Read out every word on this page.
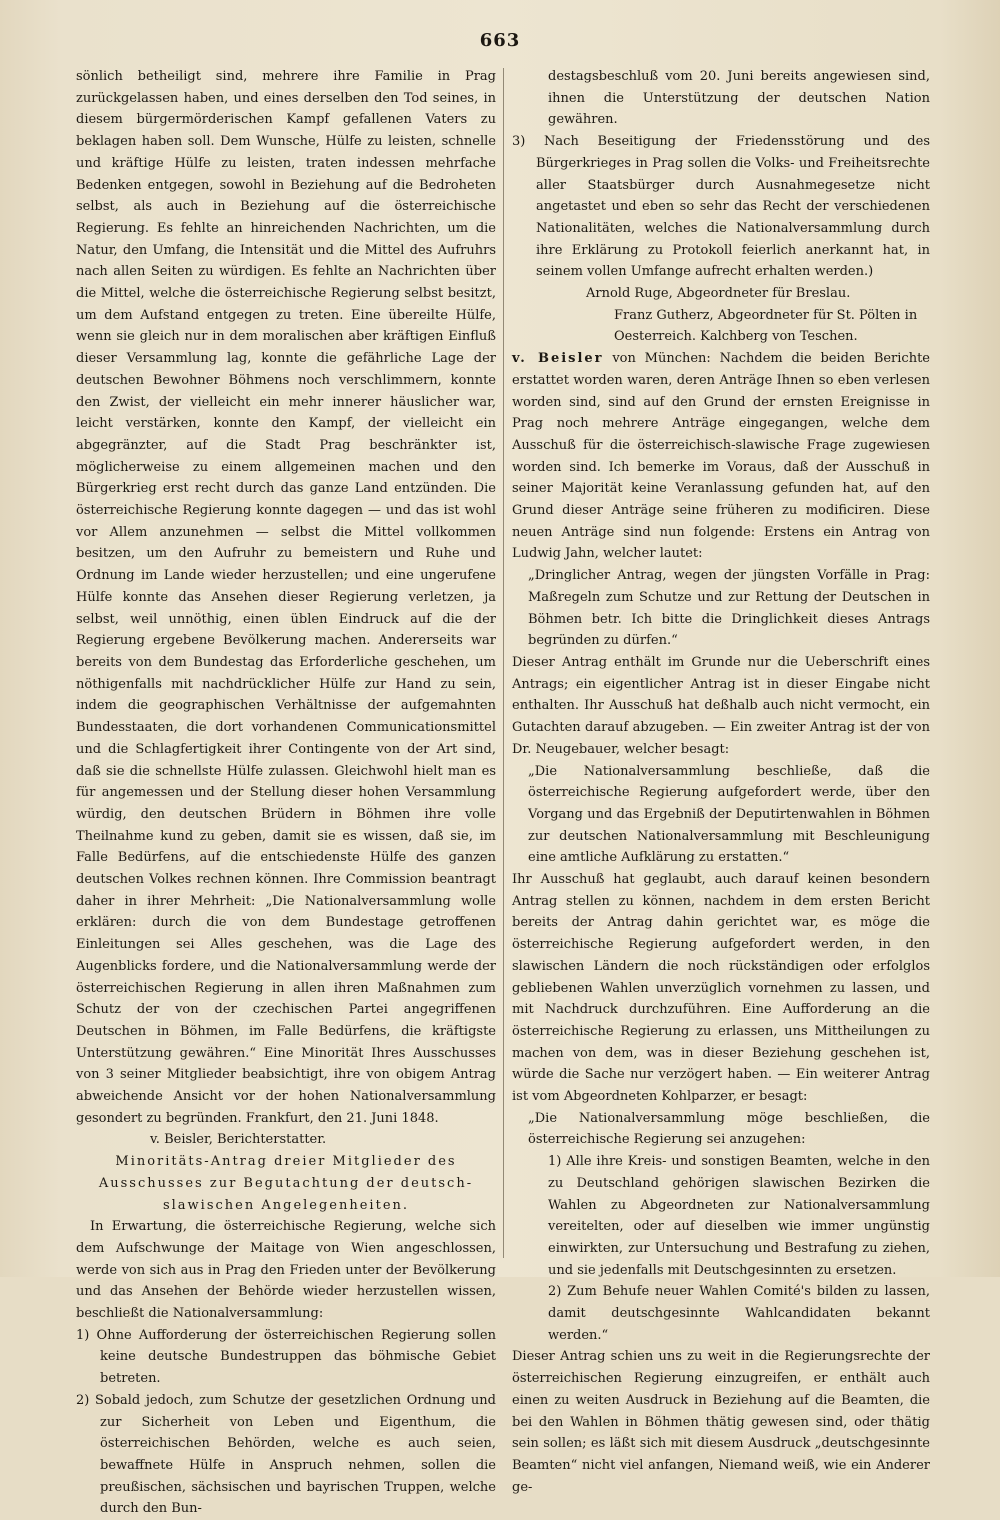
663

sönlich betheiligt sind, mehrere ihre Familie in Prag zurückgelassen haben, und eines derselben den Tod seines, in diesem bürgermörderischen Kampf gefallenen Vaters zu beklagen haben soll. Dem Wunsche, Hülfe zu leisten, schnelle und kräftige Hülfe zu leisten, traten indessen mehrfache Bedenken entgegen, sowohl in Beziehung auf die Bedroheten selbst, als auch in Beziehung auf die österreichische Regierung. Es fehlte an hinreichenden Nachrichten, um die Natur, den Umfang, die Intensität und die Mittel des Aufruhrs nach allen Seiten zu würdigen. Es fehlte an Nachrichten über die Mittel, welche die österreichische Regierung selbst besitzt, um dem Aufstand entgegen zu treten. Eine übereilte Hülfe, wenn sie gleich nur in dem moralischen aber kräftigen Einfluß dieser Versammlung lag, konnte die gefährliche Lage der deutschen Bewohner Böhmens noch verschlimmern, konnte den Zwist, der vielleicht ein mehr innerer häuslicher war, leicht verstärken, konnte den Kampf, der vielleicht ein abgegränzter, auf die Stadt Prag beschränkter ist, möglicherweise zu einem allgemeinen machen und den Bürgerkrieg erst recht durch das ganze Land entzünden. Die österreichische Regierung konnte dagegen — und das ist wohl vor Allem anzunehmen — selbst die Mittel vollkommen besitzen, um den Aufruhr zu bemeistern und Ruhe und Ordnung im Lande wieder herzustellen; und eine ungerufene Hülfe konnte das Ansehen dieser Regierung verletzen, ja selbst, weil unnöthig, einen üblen Eindruck auf die der Regierung ergebene Bevölkerung machen. Andererseits war bereits von dem Bundestag das Erforderliche geschehen, um nöthigenfalls mit nachdrücklicher Hülfe zur Hand zu sein, indem die geographischen Verhältnisse der aufgemahnten Bundesstaaten, die dort vorhandenen Communicationsmittel und die Schlagfertigkeit ihrer Contingente von der Art sind, daß sie die schnellste Hülfe zulassen. Gleichwohl hielt man es für angemessen und der Stellung dieser hohen Versammlung würdig, den deutschen Brüdern in Böhmen ihre volle Theilnahme kund zu geben, damit sie es wissen, daß sie, im Falle Bedürfens, auf die entschiedenste Hülfe des ganzen deutschen Volkes rechnen können. Ihre Commission beantragt daher in ihrer Mehrheit: „Die Nationalversammlung wolle erklären: durch die von dem Bundestage getroffenen Einleitungen sei Alles geschehen, was die Lage des Augenblicks fordere, und die Nationalversammlung werde der österreichischen Regierung in allen ihren Maßnahmen zum Schutz der von der czechischen Partei angegriffenen Deutschen in Böhmen, im Falle Bedürfens, die kräftigste Unterstützung gewähren.“ Eine Minorität Ihres Ausschusses von 3 seiner Mitglieder beabsichtigt, ihre von obigem Antrag abweichende Ansicht vor der hohen Nationalversammlung gesondert zu begründen. Frankfurt, den 21. Juni 1848.

v. Beisler, Berichterstatter.

Minoritäts-Antrag dreier Mitglieder des Ausschusses zur Begutachtung der deutsch-slawischen Angelegenheiten.

In Erwartung, die österreichische Regierung, welche sich dem Aufschwunge der Maitage von Wien angeschlossen, werde von sich aus in Prag den Frieden unter der Bevölkerung und das Ansehen der Behörde wieder herzustellen wissen, beschließt die Nationalversammlung:

1) Ohne Aufforderung der österreichischen Regierung sollen keine deutsche Bundestruppen das böhmische Gebiet betreten.

2) Sobald jedoch, zum Schutze der gesetzlichen Ordnung und zur Sicherheit von Leben und Eigenthum, die österreichischen Behörden, welche es auch seien, bewaffnete Hülfe in Anspruch nehmen, sollen die preußischen, sächsischen und bayrischen Truppen, welche durch den Bun-

destagsbeschluß vom 20. Juni bereits angewiesen sind, ihnen die Unterstützung der deutschen Nation gewähren.

3) Nach Beseitigung der Friedensstörung und des Bürgerkrieges in Prag sollen die Volks- und Freiheitsrechte aller Staatsbürger durch Ausnahmegesetze nicht angetastet und eben so sehr das Recht der verschiedenen Nationalitäten, welches die Nationalversammlung durch ihre Erklärung zu Protokoll feierlich anerkannt hat, in seinem vollen Umfange aufrecht erhalten werden.)

Arnold Ruge, Abgeordneter für Breslau.

Franz Gutherz, Abgeordneter für St. Pölten in Oesterreich. Kalchberg von Teschen.

v. Beisler von München: Nachdem die beiden Berichte erstattet worden waren, deren Anträge Ihnen so eben verlesen worden sind, sind auf den Grund der ernsten Ereignisse in Prag noch mehrere Anträge eingegangen, welche dem Ausschuß für die österreichisch-slawische Frage zugewiesen worden sind. Ich bemerke im Voraus, daß der Ausschuß in seiner Majorität keine Veranlassung gefunden hat, auf den Grund dieser Anträge seine früheren zu modificiren. Diese neuen Anträge sind nun folgende: Erstens ein Antrag von Ludwig Jahn, welcher lautet:

„Dringlicher Antrag, wegen der jüngsten Vorfälle in Prag: Maßregeln zum Schutze und zur Rettung der Deutschen in Böhmen betr. Ich bitte die Dringlichkeit dieses Antrags begründen zu dürfen.“

Dieser Antrag enthält im Grunde nur die Ueberschrift eines Antrags; ein eigentlicher Antrag ist in dieser Eingabe nicht enthalten. Ihr Ausschuß hat deßhalb auch nicht vermocht, ein Gutachten darauf abzugeben. — Ein zweiter Antrag ist der von Dr. Neugebauer, welcher besagt:

„Die Nationalversammlung beschließe, daß die österreichische Regierung aufgefordert werde, über den Vorgang und das Ergebniß der Deputirtenwahlen in Böhmen zur deutschen Nationalversammlung mit Beschleunigung eine amtliche Aufklärung zu erstatten.“

Ihr Ausschuß hat geglaubt, auch darauf keinen besondern Antrag stellen zu können, nachdem in dem ersten Bericht bereits der Antrag dahin gerichtet war, es möge die österreichische Regierung aufgefordert werden, in den slawischen Ländern die noch rückständigen oder erfolglos gebliebenen Wahlen unverzüglich vornehmen zu lassen, und mit Nachdruck durchzuführen. Eine Aufforderung an die österreichische Regierung zu erlassen, uns Mittheilungen zu machen von dem, was in dieser Beziehung geschehen ist, würde die Sache nur verzögert haben. — Ein weiterer Antrag ist vom Abgeordneten Kohlparzer, er besagt:

„Die Nationalversammlung möge beschließen, die österreichische Regierung sei anzugehen:

1) Alle ihre Kreis- und sonstigen Beamten, welche in den zu Deutschland gehörigen slawischen Bezirken die Wahlen zu Abgeordneten zur Nationalversammlung vereitelten, oder auf dieselben wie immer ungünstig einwirkten, zur Untersuchung und Bestrafung zu ziehen, und sie jedenfalls mit Deutschgesinnten zu ersetzen.

2) Zum Behufe neuer Wahlen Comité's bilden zu lassen, damit deutschgesinnte Wahlcandidaten bekannt werden.“

Dieser Antrag schien uns zu weit in die Regierungsrechte der österreichischen Regierung einzugreifen, er enthält auch einen zu weiten Ausdruck in Beziehung auf die Beamten, die bei den Wahlen in Böhmen thätig gewesen sind, oder thätig sein sollen; es läßt sich mit diesem Ausdruck „deutschgesinnte Beamten“ nicht viel anfangen, Niemand weiß, wie ein Anderer ge-
